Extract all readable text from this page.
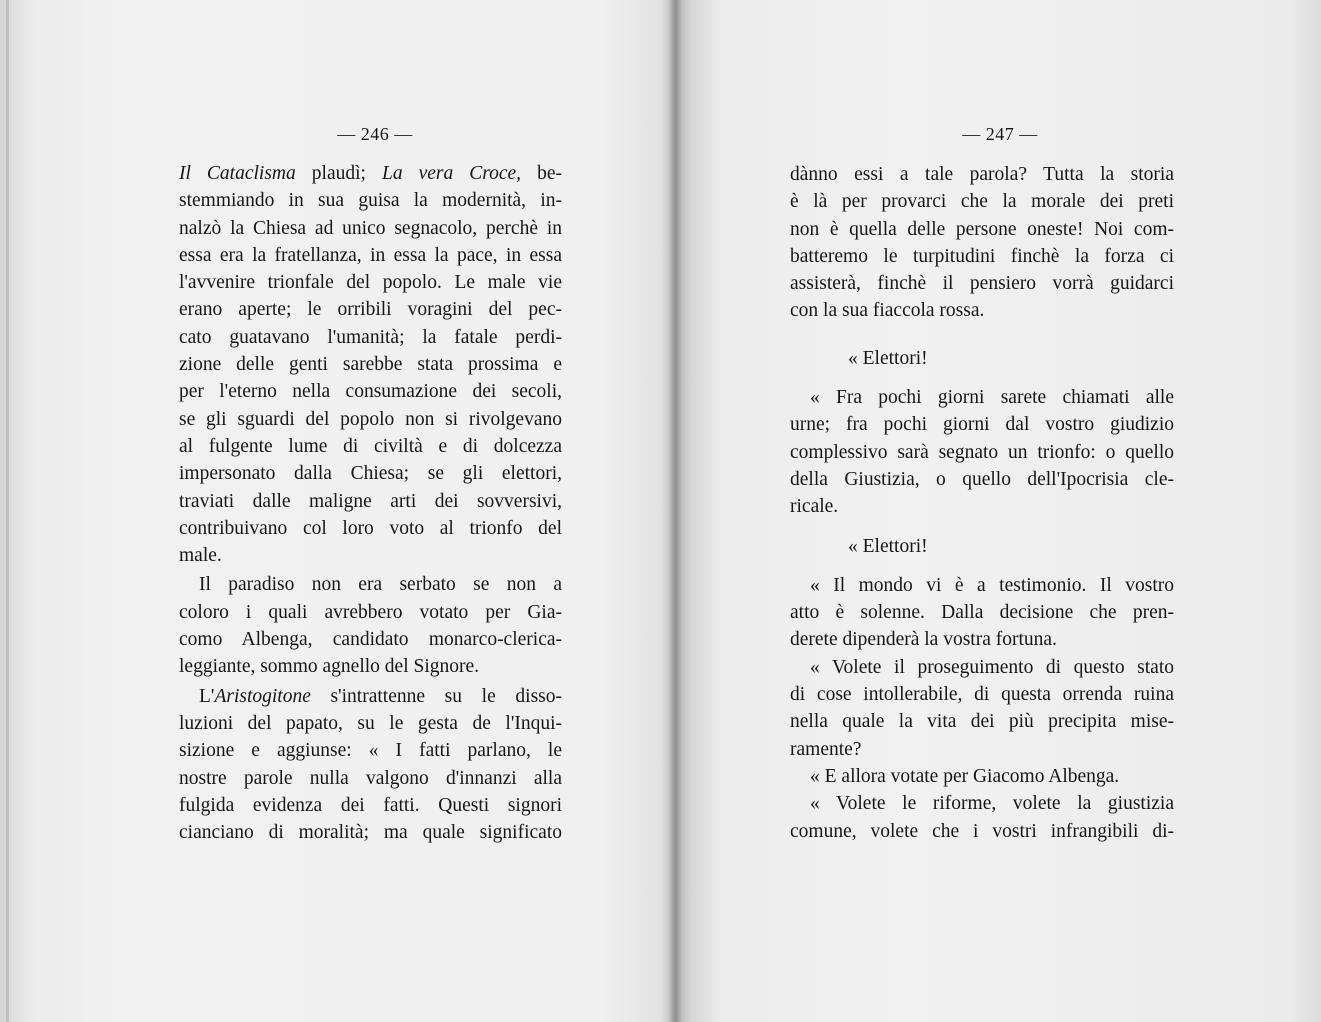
— 246 —
Il Cataclisma plaudì; La vera Croce, be-
stemmiando in sua guisa la modernità, in-
nalzò la Chiesa ad unico segnacolo, perchè in
essa era la fratellanza, in essa la pace, in essa
l'avvenire trionfale del popolo. Le male vie
erano aperte; le orribili voragini del pec-
cato guatavano l'umanità; la fatale perdi-
zione delle genti sarebbe stata prossima e
per l'eterno nella consumazione dei secoli,
se gli sguardi del popolo non si rivolgevano
al fulgente lume di civiltà e di dolcezza
impersonato dalla Chiesa; se gli elettori,
traviati dalle maligne arti dei sovversivi,
contribuivano col loro voto al trionfo del
male.
Il paradiso non era serbato se non a
coloro i quali avrebbero votato per Gia-
como Albenga, candidato monarco-clerica-
leggiante, sommo agnello del Signore.
L'Aristogitone s'intrattenne su le disso-
luzioni del papato, su le gesta de l'Inqui-
sizione e aggiunse: « I fatti parlano, le
nostre parole nulla valgono d'innanzi alla
fulgida evidenza dei fatti. Questi signori
cianciano di moralità; ma quale significato
— 247 —
dànno essi a tale parola? Tutta la storia
è là per provarci che la morale dei preti
non è quella delle persone oneste! Noi com-
batteremo le turpitudini finchè la forza ci
assisterà, finchè il pensiero vorrà guidarci
con la sua fiaccola rossa.
« Elettori!
« Fra pochi giorni sarete chiamati alle
urne; fra pochi giorni dal vostro giudizio
complessivo sarà segnato un trionfo: o quello
della Giustizia, o quello dell'Ipocrisia cle-
ricale.
« Elettori!
« Il mondo vi è a testimonio. Il vostro
atto è solenne. Dalla decisione che pren-
derete dipenderà la vostra fortuna.
« Volete il proseguimento di questo stato
di cose intollerabile, di questa orrenda ruina
nella quale la vita dei più precipita mise-
ramente?
« E allora votate per Giacomo Albenga.
« Volete le riforme, volete la giustizia
comune, volete che i vostri infrangibili di-
